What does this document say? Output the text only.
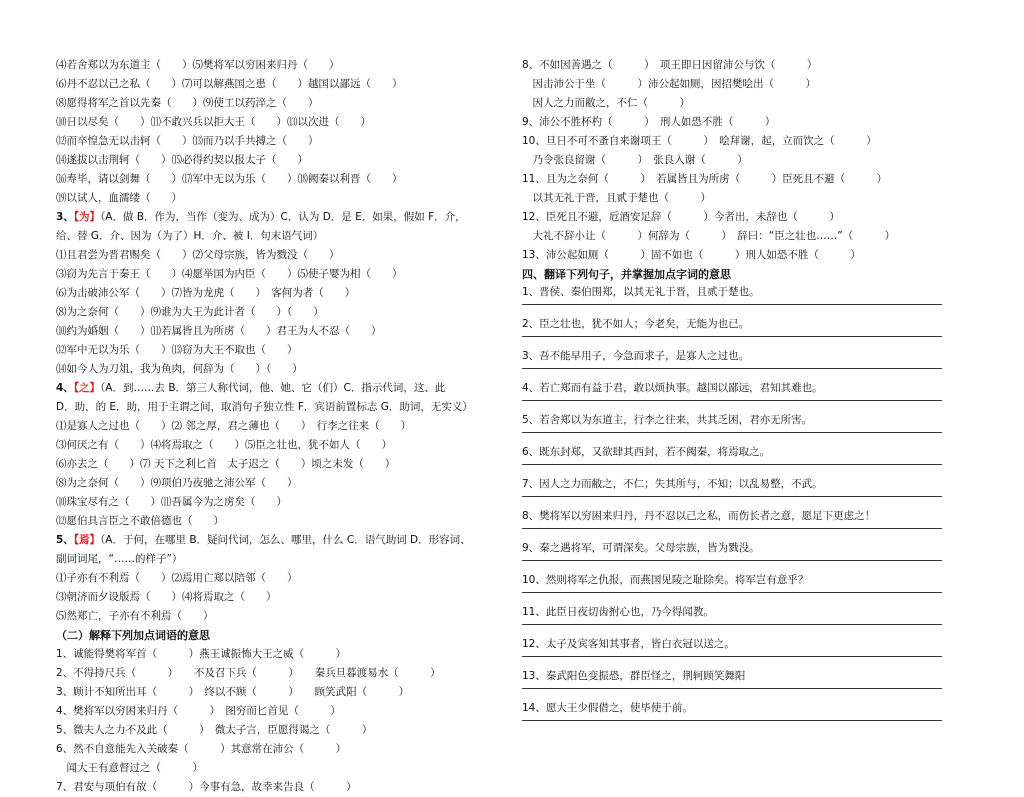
⑷若舍郑以为东道主（　　）⑸樊将军以穷困来归丹（　　）
⑹丹不忍以己之私（　　）⑺可以解燕国之患（　　）越国以鄙远（　　）
⑻愿得将军之首以先秦（　　）⑼使工以药淬之（　　）
⑽日以尽矣（　　）⑾不敢兴兵以拒大王（　　）⒀以次进（　　）
⑿而卒惶急无以击轲（　　）⒀而乃以手共搏之（　　）
⒁遂拔以击荆轲（　　）⒂必得约契以报太子（　　）
⒃寿毕，请以剑舞（　　）⒄军中无以为乐（　　）⒅阙秦以利晋（　　）
⒆以试人，血濡缕（　　）
3、【为】（A．做 B．作为，当作（变为、成为）C．认为 D．是 E．如果，假如 F．介，
给、替 G．介、因为（为了）H．介、被 I．句末语气词）
⑴且君尝为晋君赐矣（　　）⑵父母宗族，皆为戮没（　　）
⑶窃为先言于秦王（　　）⑷愿举国为内臣（　　）⑸使子婴为相（　　）
⑹为击破沛公军（　　）⑺皆为龙虎（　　）　客何为者（　　）
⑻为之奈何（　　）⑼谁为大王为此计者（　　）（　　）
⑽约为婚姻（　　）⑾若属皆且为所虏（　　）君王为人不忍（　　）
⑿军中无以为乐（　　）⒀窃为大王不取也（　　）
⒁如今人为刀俎，我为鱼肉，何辞为（　　）（　　）
4、【之】（A．到……去 B．第三人称代词，他、她、它（们）C．指示代词，这、此
D．助，的 E．助，用于主谓之间，取消句子独立性 F．宾语前置标志 G．助词，无实义）
⑴是寡人之过也（　　）⑵ 邻之厚，君之薄也（　　）　行李之往来（　　）
⑶何厌之有（　　）⑷将焉取之（　　）⑸臣之壮也，犹不如人（　　）
⑹亦去之（　　）⑺ 天下之利匕首　太子迟之（　　）顷之未发（　　）
⑻为之奈何（　　）⑼项伯乃夜驰之沛公军（　　）
⑽珠宝尽有之（　　）⑾吾属今为之虏矣（　　）
⑿愿伯具言臣之不敢倍德也（　　）
5、【焉】（A．于何，在哪里 B．疑问代词，怎么、哪里，什么 C．语气助词 D．形容词、
副词词尾，“……的样子”）
⑴子亦有不利焉（　　）⑵焉用亡郑以陪邻（　　）
⑶朝济而夕设版焉（　　）⑷将焉取之（　　）
⑸然郑亡，子亦有不利焉（　　）
（二）解释下列加点词语的意思
1、诚能得樊将军首（　　　）燕王诚振怖大王之威（　　　）
2、不得持尺兵（　　　）　　不及召下兵（　　　）　　秦兵旦暮渡易水（　　　）
3、顾计不知所出耳（　　　）　终以不顾（　　　）　　顾笑武阳（　　　）
4、樊将军以穷困来归丹（　　　）　图穷而匕首见（　　　）
5、微夫人之力不及此（　　　）　微太子言，臣愿得谒之（　　　）
6、然不自意能先入关破秦（　　　）其意常在沛公（　　　）
　闻大王有意督过之（　　　）
7、君安与项伯有故（　　　）今事有急，故幸来告良（　　　）
8、不如因善遇之（　　　）　项王即日因留沛公与饮（　　　）
　因击沛公于坐（　　　）沛公起如厕，因招樊哙出（　　　）
　因人之力而敝之，不仁（　　　）
9、沛公不胜杯杓（　　　）　刑人如恐不胜（　　　）
10、旦日不可不蚤自来谢项王（　　　）　哙拜谢，起，立而饮之（　　　）
　乃令张良留谢（　　　）　张良入谢（　　　）
11、且为之奈何（　　　）　若属皆且为所虏（　　　）臣死且不避（　　　）
　以其无礼于晋，且贰于楚也（　　　）
12、臣死且不避，卮酒安足辞（　　　）今者出，未辞也（　　　）
　大礼不辞小让（　　　）何辞为（　　　）　辞曰：“臣之壮也……”（　　　）
13、沛公起如厕（　　　）固不如也（　　　）刑人如恐不胜（　　　）
四、翻译下列句子，并掌握加点字词的意思
1、晋侯、秦伯围郑，以其无礼于晋，且贰于楚也。
2、臣之壮也，犹不如人；今老矣，无能为也已。
3、吾不能早用子，今急而求子，是寡人之过也。
4、若亡郑而有益于君，敢以烦执事。越国以鄙远，君知其难也。
5、若舍郑以为东道主，行李之往来，共其乏困，君亦无所害。
6、既东封郑，又欲肆其西封，若不阙秦，将焉取之。
7、因人之力而敝之，不仁；失其所与，不知；以乱易整，不武。
8、樊将军以穷困来归丹，丹不忍以己之私，而伤长者之意，愿足下更虑之！
9、秦之遇将军，可谓深矣。父母宗族，皆为戮没。
10、然则将军之仇报，而燕国见陵之耻除矣。将军岂有意乎？
11、此臣日夜切齿拊心也，乃今得闻教。
12、太子及宾客知其事者，皆白衣冠以送之。
13、秦武阳色变振恐，群臣怪之，荆轲顾笑舞阳
14、愿大王少假借之，使毕使于前。
